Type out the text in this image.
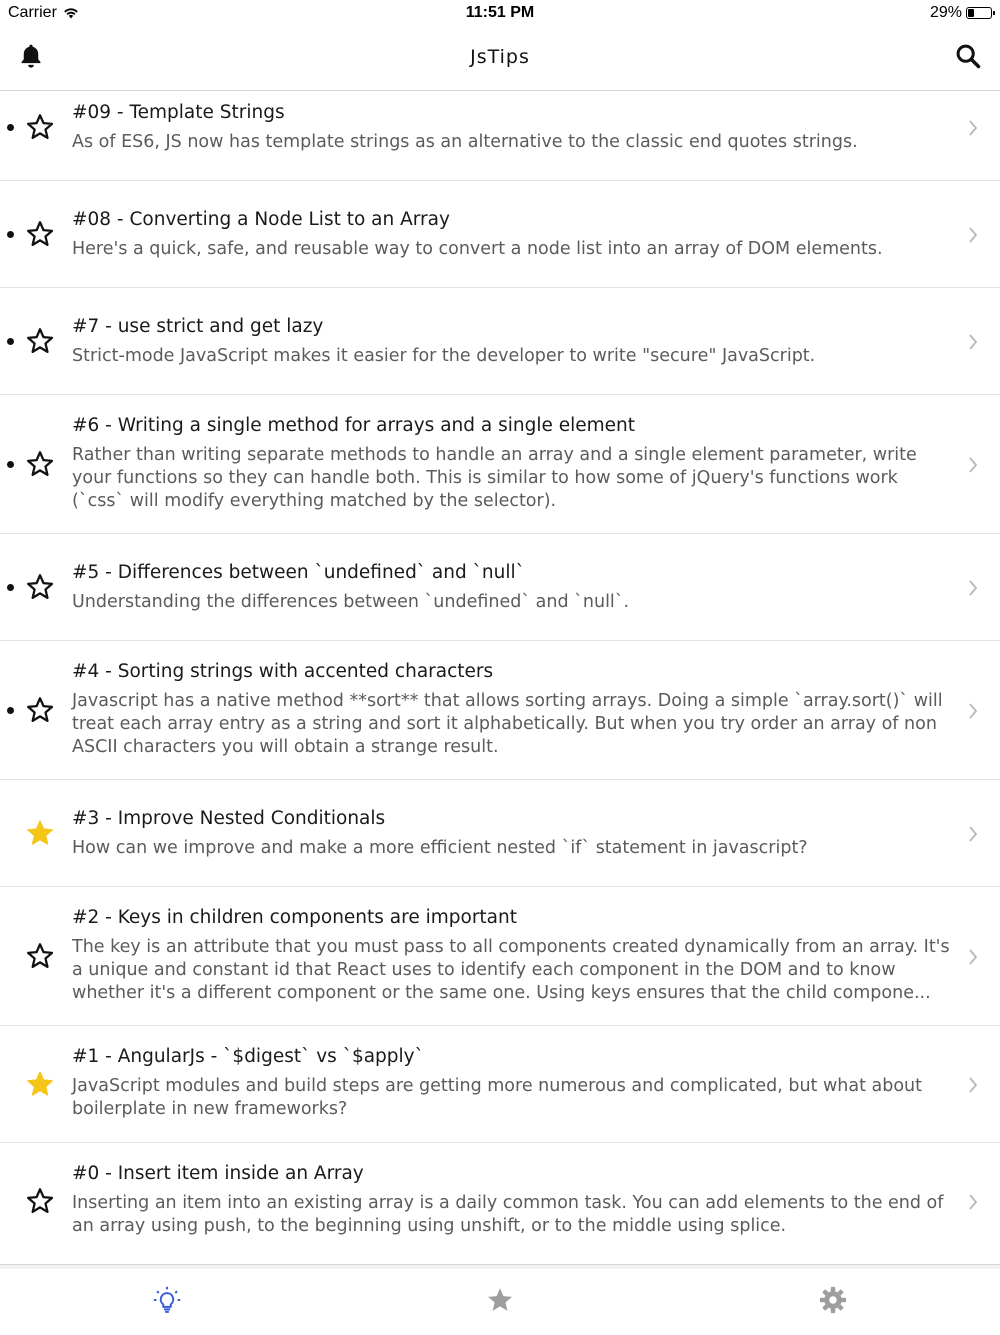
Carrier	11:51 PM	29%
JsTips
#09 - Template Strings
As of ES6, JS now has template strings as an alternative to the classic end quotes strings.
#08 - Converting a Node List to an Array
Here's a quick, safe, and reusable way to convert a node list into an array of DOM elements.
#7 - use strict and get lazy
Strict-mode JavaScript makes it easier for the developer to write "secure" JavaScript.
#6 - Writing a single method for arrays and a single element
Rather than writing separate methods to handle an array and a single element parameter, write your functions so they can handle both. This is similar to how some of jQuery's functions work (`css` will modify everything matched by the selector).
#5 - Differences between `undefined` and `null`
Understanding the differences between `undefined` and `null`.
#4 - Sorting strings with accented characters
Javascript has a native method **sort** that allows sorting arrays. Doing a simple `array.sort()` will treat each array entry as a string and sort it alphabetically. But when you try order an array of non ASCII characters you will obtain a strange result.
#3 - Improve Nested Conditionals
How can we improve and make a more efficient nested `if` statement in javascript?
#2 - Keys in children components are important
The key is an attribute that you must pass to all components created dynamically from an array. It's a unique and constant id that React uses to identify each component in the DOM and to know whether it's a different component or the same one. Using keys ensures that the child compone...
#1 - AngularJs - `$digest` vs `$apply`
JavaScript modules and build steps are getting more numerous and complicated, but what about boilerplate in new frameworks?
#0 - Insert item inside an Array
Inserting an item into an existing array is a daily common task. You can add elements to the end of an array using push, to the beginning using unshift, or to the middle using splice.
